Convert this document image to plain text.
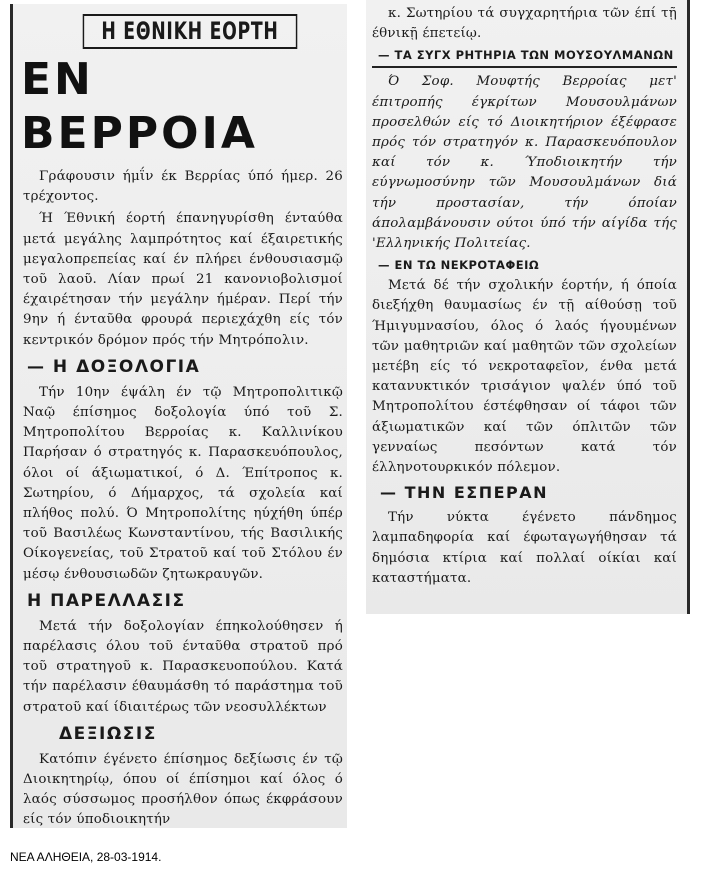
Η ΕΘΝΙΚΗ ΕΟΡΤΗ
ΕΝ ΒΕΡΡΟΙΑ

Γράφουσιν ήμΐν έκ Βερρίας ύπό ήμερ. 26 τρέχοντος.

Ή Έθνική έορτή έπανηγυρίσθη ένταύθα μετά μεγάλης λαμπρότητος καί έξαιρετικής μεγαλοπρεπείας καί έν πλήρει ένθουσιασμῷ τοῦ λαοῦ. Λίαν πρωί 21 κανονιοβολισμοί έχαιρέτησαν τήν μεγάλην ήμέραν. Περί τήν 9ην ή ένταῦθα φρουρά περιεχάχθη είς τόν κεντρικόν δρόμον πρός τήν Μητρόπολιν.

— Η ΔΟΞΟΛΟΓΙΑ

Τήν 10ην έψάλη έν τῷ Μητροπολιτικῷ Ναῷ έπίσημος δοξολογία ύπό τοῦ Σ. Μητροπολίτου Βερροίας κ. Καλλινίκου Παρήσαν ό στρατηγός κ. Παρασκευόπουλος, όλοι οί άξιωματικοί, ό Δ. Έπίτροπος κ. Σωτηρίου, ό Δήμαρχος, τά σχολεία καί πλήθος πολύ. Ό Μητροπολίτης ηύχήθη ύπέρ τοῦ Βασιλέως Κωνσταντίνου, τής Βασιλικής Οίκογενείας, τοῦ Στρατοῦ καί τοῦ Στόλου έν μέσῳ ένθουσιωδῶν ζητωκραυγῶν.

Η ΠΑΡΕΛΛΑΣΙΣ

Μετά τήν δοξολογίαν έπηκολούθησεν ή παρέλασις όλου τοῦ ένταῦθα στρατοῦ πρό τοῦ στρατηγοῦ κ. Παρασκευοπούλου. Κατά τήν παρέλασιν έθαυμάσθη τό παράστημα τοῦ στρατοῦ καί ίδιαιτέρως τῶν νεοσυλλέκτων

ΔΕΞΙΩΣΙΣ

Κατόπιν έγένετο έπίσημος δεξίωσις έν τῷ Διοικητηρίῳ, όπου οί έπίσημοι καί όλος ό λαός σύσσωμος προσήλθον όπως έκφράσουν είς τόν ύποδιοικητήν

κ. Σωτηρίου τά συγχαρητήρια τῶν έπί τῇ έθνικῇ έπετείῳ.

— ΤΑ ΣΥΓΧ ΡΗΤΗΡΙΑ ΤΩΝ ΜΟΥΣΟΥΛΜΑΝΩΝ

Ό Σοφ. Μουφτής Βερροίας μετ' έπιτροπής έγκρίτων Μουσουλμάνων προσελθών είς τό Διοικητήριον έξέφρασε πρός τόν στρατηγόν κ. Παρασκευόπουλον καί τόν κ. Ύποδιοικητήν τήν εύγνωμοσύνην τῶν Μουσουλμάνων διά τήν προστασίαν, τήν όποίαν άπολαμβάνουσιν ούτοι ύπό τήν αίγίδα τής 'Ελληνικής Πολιτείας.

— ΕΝ ΤΩ ΝΕΚΡΟΤΑΦΕΙΩ

Μετά δέ τήν σχολικήν έορτήν, ή όποία διεξήχθη θαυμασίως έν τῇ αίθούσῃ τοῦ Ήμιγυμνασίου, όλος ό λαός ήγουμένων τῶν μαθητριῶν καί μαθητῶν τῶν σχολείων μετέβη είς τό νεκροταφεῖον, ένθα μετά κατανυκτικόν τρισάγιον ψαλέν ύπό τοῦ Μητροπολίτου έστέφθησαν οί τάφοι τῶν άξιωματικῶν καί τῶν όπλιτῶν τῶν γενναίως πεσόντων κατά τόν έλληνοτουρκικόν πόλεμον.

— ΤΗΝ ΕΣΠΕΡΑΝ

Τήν νύκτα έγένετο πάνδημος λαμπαδηφορία καί έφωταγωγήθησαν τά δημόσια κτίρια καί πολλαί οίκίαι καί καταστήματα.

ΝΕΑ ΑΛΗΘΕΙΑ, 28-03-1914.
